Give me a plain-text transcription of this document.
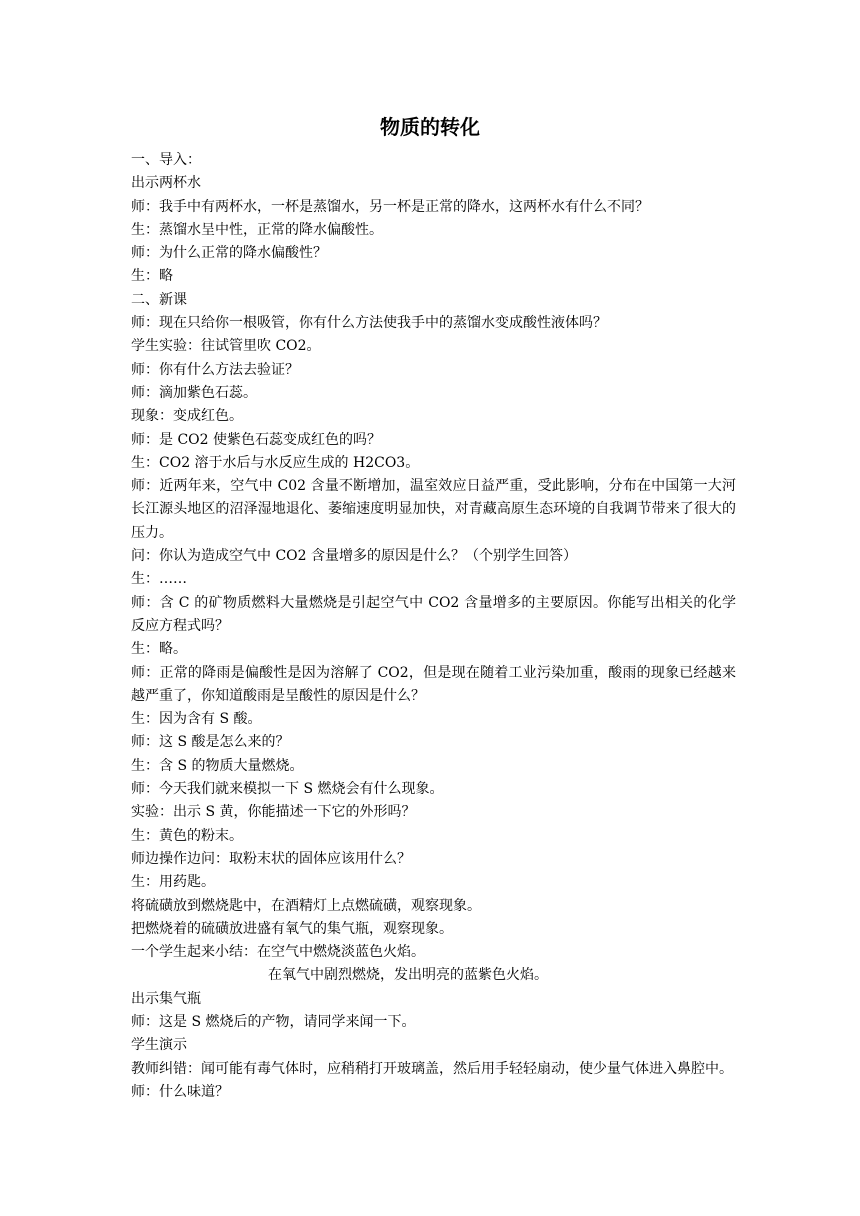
物质的转化
一、导入：
出示两杯水
师：我手中有两杯水，一杯是蒸馏水，另一杯是正常的降水，这两杯水有什么不同？
生：蒸馏水呈中性，正常的降水偏酸性。
师：为什么正常的降水偏酸性？
生：略
二、新课
师：现在只给你一根吸管，你有什么方法使我手中的蒸馏水变成酸性液体吗？
学生实验：往试管里吹 CO2。
师：你有什么方法去验证？
师：滴加紫色石蕊。
现象：变成红色。
师：是 CO2 使紫色石蕊变成红色的吗？
生：CO2 溶于水后与水反应生成的 H2CO3。
师：近两年来，空气中 C02 含量不断增加，温室效应日益严重，受此影响，分布在中国第一大河长江源头地区的沼泽湿地退化、萎缩速度明显加快，对青藏高原生态环境的自我调节带来了很大的压力。
问：你认为造成空气中 CO2 含量增多的原因是什么？（个别学生回答）
生：……
师：含 C 的矿物质燃料大量燃烧是引起空气中 CO2 含量增多的主要原因。你能写出相关的化学反应方程式吗？
生：略。
师：正常的降雨是偏酸性是因为溶解了 CO2，但是现在随着工业污染加重，酸雨的现象已经越来越严重了，你知道酸雨是呈酸性的原因是什么？
生：因为含有 S 酸。
师：这 S 酸是怎么来的？
生：含 S 的物质大量燃烧。
师：今天我们就来模拟一下 S 燃烧会有什么现象。
实验：出示 S 黄，你能描述一下它的外形吗？
生：黄色的粉末。
师边操作边问：取粉末状的固体应该用什么？
生：用药匙。
将硫磺放到燃烧匙中，在酒精灯上点燃硫磺，观察现象。
把燃烧着的硫磺放进盛有氧气的集气瓶，观察现象。
一个学生起来小结：在空气中燃烧淡蓝色火焰。
在氧气中剧烈燃烧，发出明亮的蓝紫色火焰。
出示集气瓶
师：这是 S 燃烧后的产物，请同学来闻一下。
学生演示
教师纠错：闻可能有毒气体时，应稍稍打开玻璃盖，然后用手轻轻扇动，使少量气体进入鼻腔中。
师：什么味道？
